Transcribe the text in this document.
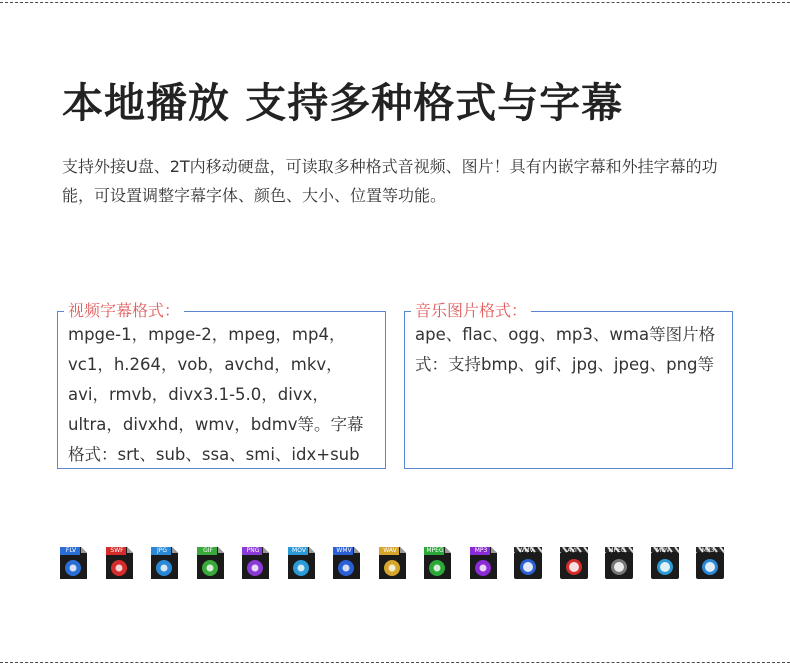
本地播放 支持多种格式与字幕
支持外接U盘、2T内移动硬盘，可读取多种格式音视频、图片！具有内嵌字幕和外挂字幕的功能，可设置调整字幕字体、颜色、大小、位置等功能。
视频字幕格式：
mpge-1，mpge-2，mpeg，mp4，vc1，h.264，vob，avchd，mkv，avi，rmvb，divx3.1-5.0，divx，ultra，divxhd，wmv，bdmv等。字幕格式：srt、sub、ssa、smi、idx+sub
音乐图片格式：
ape、flac、ogg、mp3、wma等图片格式：支持bmp、gif、jpg、jpeg、png等
FLV	SWF	JPG	GIF	PNG	MOV	WMV	WAV	MPEG	MP3	WMV	AVI	MPEG	MOV	MP3
